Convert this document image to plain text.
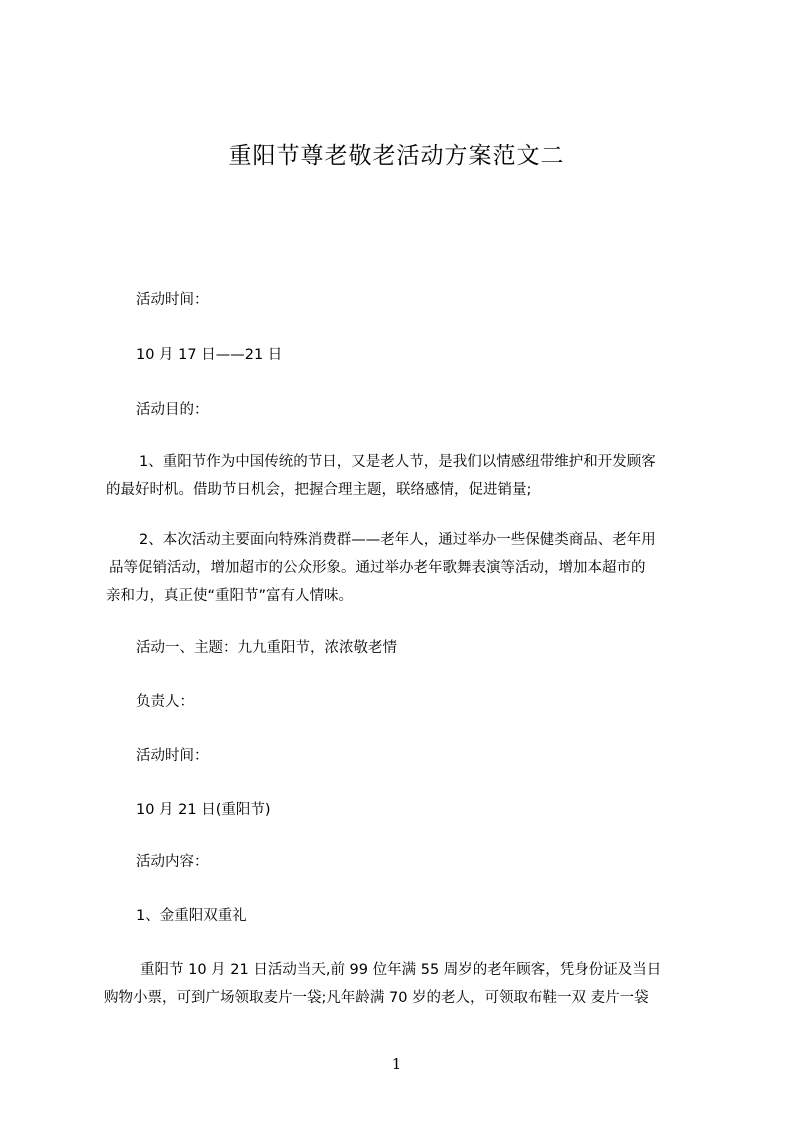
重阳节尊老敬老活动方案范文二
活动时间：
10 月 17 日——21 日
活动目的：
1、重阳节作为中国传统的节日，又是老人节，是我们以情感纽带维护和开发顾客
的最好时机。借助节日机会，把握合理主题，联络感情，促进销量;
2、本次活动主要面向特殊消费群——老年人，通过举办一些保健类商品、老年用
品等促销活动，增加超市的公众形象。通过举办老年歌舞表演等活动，增加本超市的
亲和力，真正使“重阳节”富有人情味。
活动一、主题：九九重阳节，浓浓敬老情
负责人：
活动时间：
10 月 21 日(重阳节)
活动内容：
1、金重阳双重礼
重阳节 10 月 21 日活动当天,前 99 位年满 55 周岁的老年顾客，凭身份证及当日
购物小票，可到广场领取麦片一袋;凡年龄满 70 岁的老人，可领取布鞋一双 麦片一袋
1
